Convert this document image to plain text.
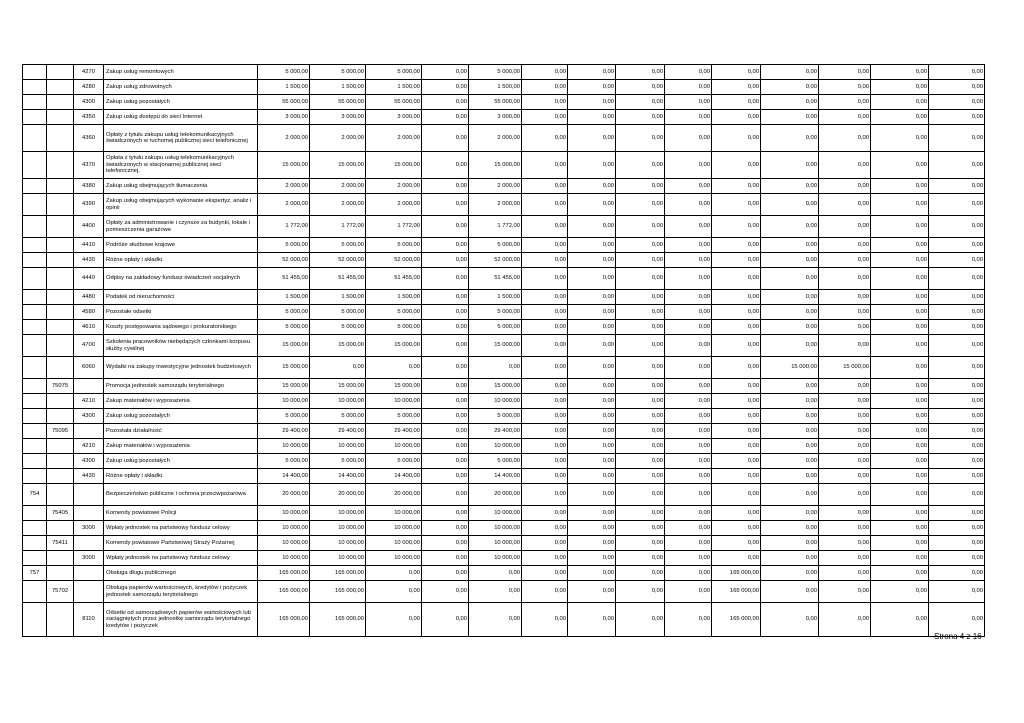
		4270	Zakup usług remontowych	5 000,00	5 000,00	5 000,00	0,00	5 000,00	0,00	0,00	0,00	0,00	0,00	0,00	0,00	0,00	0,00
		4280	Zakup usług zdrowotnych	1 500,00	1 500,00	1 500,00	0,00	1 500,00	0,00	0,00	0,00	0,00	0,00	0,00	0,00	0,00	0,00
		4300	Zakup usług pozostałych	55 000,00	55 000,00	55 000,00	0,00	55 000,00	0,00	0,00	0,00	0,00	0,00	0,00	0,00	0,00	0,00
		4350	Zakup usług dostępu do sieci Internet	3 000,00	3 000,00	3 000,00	0,00	3 000,00	0,00	0,00	0,00	0,00	0,00	0,00	0,00	0,00	0,00
		4360	Opłaty z tytułu zakupu usług telekomunikacyjnych świadczonych w ruchomej publicznej sieci telefonicznej	2 000,00	2 000,00	2 000,00	0,00	2 000,00	0,00	0,00	0,00	0,00	0,00	0,00	0,00	0,00	0,00
		4370	Opłata z tytułu zakupu usług telekomunikacyjnych świadczonych w stacjonarnej publicznej sieci telefonicznej.	15 000,00	15 000,00	15 000,00	0,00	15 000,00	0,00	0,00	0,00	0,00	0,00	0,00	0,00	0,00	0,00
		4380	Zakup usług obejmujących tłumaczenia	2 000,00	2 000,00	2 000,00	0,00	2 000,00	0,00	0,00	0,00	0,00	0,00	0,00	0,00	0,00	0,00
		4390	Zakup usług obejmujących wykonanie ekspertyz, analiz i opinii	2 000,00	2 000,00	2 000,00	0,00	2 000,00	0,00	0,00	0,00	0,00	0,00	0,00	0,00	0,00	0,00
		4400	Opłaty za administrowanie i czynsze za budynki, lokale i pomieszczenia garażowe	1 772,00	1 772,00	1 772,00	0,00	1 772,00	0,00	0,00	0,00	0,00	0,00	0,00	0,00	0,00	0,00
		4410	Podróże służbowe krajowe	5 000,00	5 000,00	5 000,00	0,00	5 000,00	0,00	0,00	0,00	0,00	0,00	0,00	0,00	0,00	0,00
		4430	Różne opłaty i składki	52 000,00	52 000,00	52 000,00	0,00	52 000,00	0,00	0,00	0,00	0,00	0,00	0,00	0,00	0,00	0,00
		4440	Odpisy na zakładowy fundusz świadczeń socjalnych	51 455,00	51 455,00	51 455,00	0,00	51 455,00	0,00	0,00	0,00	0,00	0,00	0,00	0,00	0,00	0,00
		4480	Podatek od nieruchomości	1 500,00	1 500,00	1 500,00	0,00	1 500,00	0,00	0,00	0,00	0,00	0,00	0,00	0,00	0,00	0,00
		4580	Pozostałe odsetki	5 000,00	5 000,00	5 000,00	0,00	5 000,00	0,00	0,00	0,00	0,00	0,00	0,00	0,00	0,00	0,00
		4610	Koszty postępowania sądowego i prokuratorskiego	5 000,00	5 000,00	5 000,00	0,00	5 000,00	0,00	0,00	0,00	0,00	0,00	0,00	0,00	0,00	0,00
		4700	Szkolenia pracowników niebędących członkami korpusu służby cywilnej	15 000,00	15 000,00	15 000,00	0,00	15 000,00	0,00	0,00	0,00	0,00	0,00	0,00	0,00	0,00	0,00
		6060	Wydatki na zakupy inwestycyjne jednostek budżetowych	15 000,00	0,00	0,00	0,00	0,00	0,00	0,00	0,00	0,00	0,00	15 000,00	15 000,00	0,00	0,00
	75075		Promocja jednostek samorządu terytorialnego	15 000,00	15 000,00	15 000,00	0,00	15 000,00	0,00	0,00	0,00	0,00	0,00	0,00	0,00	0,00	0,00
		4210	Zakup materiałów i wyposażenia	10 000,00	10 000,00	10 000,00	0,00	10 000,00	0,00	0,00	0,00	0,00	0,00	0,00	0,00	0,00	0,00
		4300	Zakup usług pozostałych	5 000,00	5 000,00	5 000,00	0,00	5 000,00	0,00	0,00	0,00	0,00	0,00	0,00	0,00	0,00	0,00
	75095		Pozostała działalność	29 400,00	29 400,00	29 400,00	0,00	29 400,00	0,00	0,00	0,00	0,00	0,00	0,00	0,00	0,00	0,00
		4210	Zakup materiałów i wyposażenia	10 000,00	10 000,00	10 000,00	0,00	10 000,00	0,00	0,00	0,00	0,00	0,00	0,00	0,00	0,00	0,00
		4300	Zakup usług pozostałych	5 000,00	5 000,00	5 000,00	0,00	5 000,00	0,00	0,00	0,00	0,00	0,00	0,00	0,00	0,00	0,00
		4430	Różne opłaty i składki	14 400,00	14 400,00	14 400,00	0,00	14 400,00	0,00	0,00	0,00	0,00	0,00	0,00	0,00	0,00	0,00
754			Bezpieczeństwo publiczne i ochrona przeciwpożarowa	20 000,00	20 000,00	20 000,00	0,00	20 000,00	0,00	0,00	0,00	0,00	0,00	0,00	0,00	0,00	0,00
	75405		Komendy powiatowe Policji	10 000,00	10 000,00	10 000,00	0,00	10 000,00	0,00	0,00	0,00	0,00	0,00	0,00	0,00	0,00	0,00
		3000	Wpłaty jednostek na państwowy fundusz celowy	10 000,00	10 000,00	10 000,00	0,00	10 000,00	0,00	0,00	0,00	0,00	0,00	0,00	0,00	0,00	0,00
	75411		Komendy powiatowe Państwowej Straży Pożarnej	10 000,00	10 000,00	10 000,00	0,00	10 000,00	0,00	0,00	0,00	0,00	0,00	0,00	0,00	0,00	0,00
		3000	Wpłaty jednostek na państwowy fundusz celowy	10 000,00	10 000,00	10 000,00	0,00	10 000,00	0,00	0,00	0,00	0,00	0,00	0,00	0,00	0,00	0,00
757			Obsługa długu publicznego	165 000,00	165 000,00	0,00	0,00	0,00	0,00	0,00	0,00	0,00	165 000,00	0,00	0,00	0,00	0,00
	75702		Obsługa papierów wartościowych, kredytów i pożyczek jednostek samorządu terytorialnego	165 000,00	165 000,00	0,00	0,00	0,00	0,00	0,00	0,00	0,00	165 000,00	0,00	0,00	0,00	0,00
		8110	Odsetki od samorządowych papierów wartościowych lub zaciągniętych przez jednostkę samorządu terytorialnego kredytów i pożyczek	165 000,00	165 000,00	0,00	0,00	0,00	0,00	0,00	0,00	0,00	165 000,00	0,00	0,00	0,00	0,00
Strona 4 z 16
